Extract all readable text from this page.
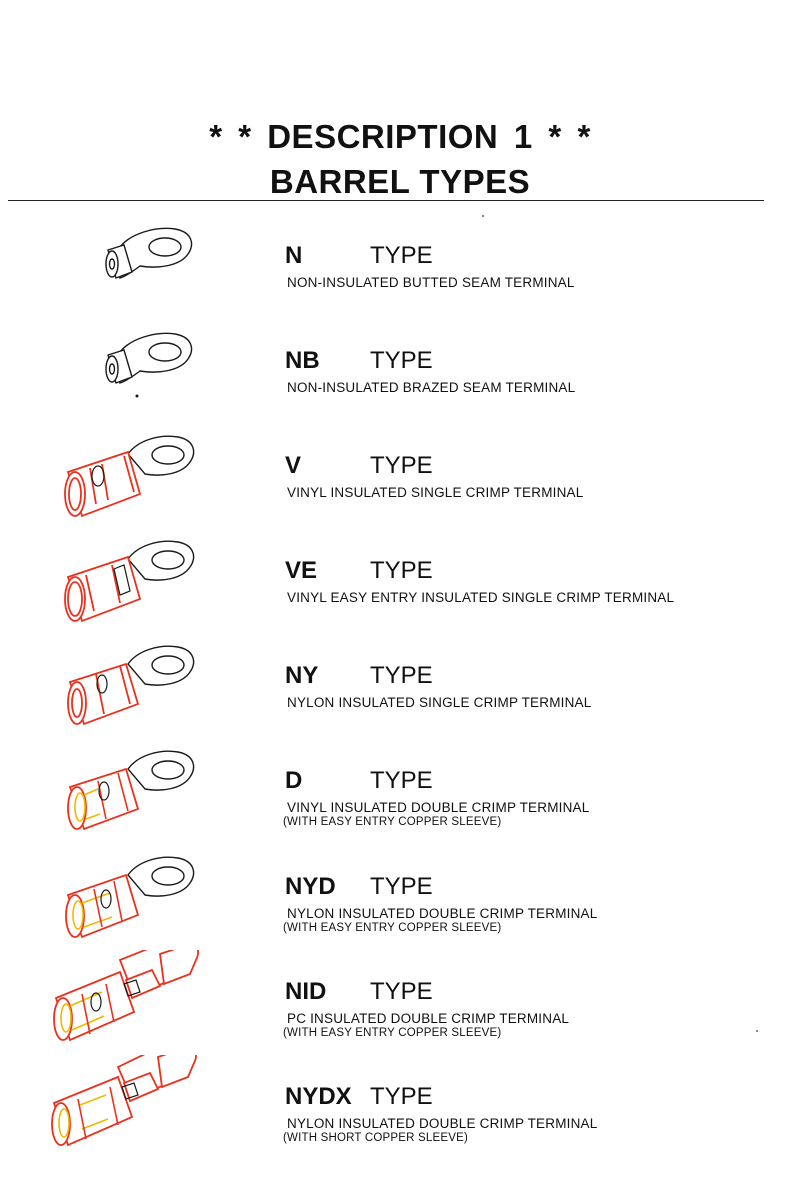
* * DESCRIPTION 1 * *
BARREL TYPES
N	TYPE
NON-INSULATED BUTTED SEAM TERMINAL
NB TYPE
NON-INSULATED BRAZED SEAM TERMINAL
V	TYPE
VINYL INSULATED SINGLE CRIMP TERMINAL
VE TYPE
VINYL EASY ENTRY INSULATED SINGLE CRIMP TERMINAL
NY TYPE
NYLON INSULATED SINGLE CRIMP TERMINAL
D	TYPE
VINYL INSULATED DOUBLE CRIMP TERMINAL
(WITH EASY ENTRY COPPER SLEEVE)
NYD TYPE
NYLON INSULATED DOUBLE CRIMP TERMINAL
(WITH EASY ENTRY COPPER SLEEVE)
NID TYPE
PC INSULATED DOUBLE CRIMP TERMINAL
(WITH EASY ENTRY COPPER SLEEVE)
NYDX TYPE
NYLON INSULATED DOUBLE CRIMP TERMINAL
(WITH SHORT COPPER SLEEVE)
